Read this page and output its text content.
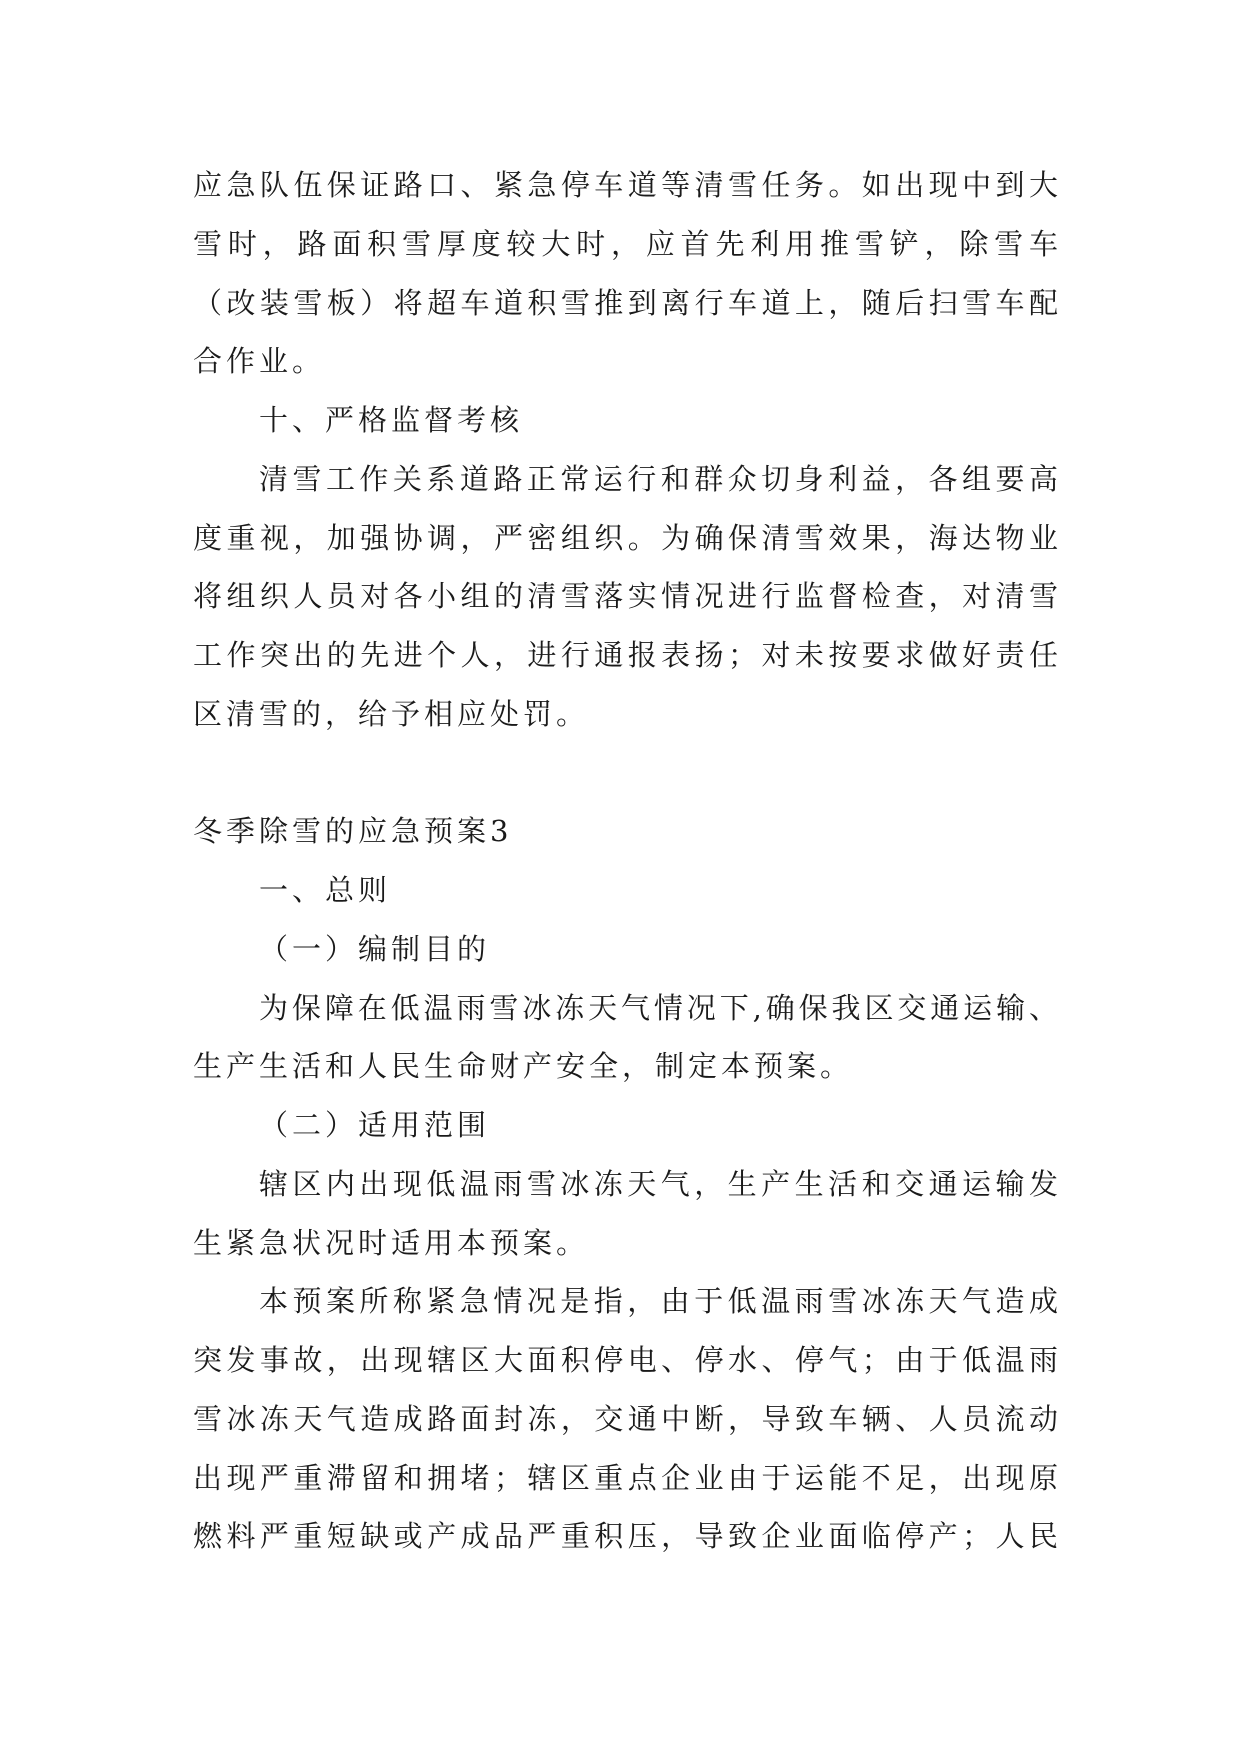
应急队伍保证路口、紧急停车道等清雪任务。如出现中到大
雪时，路面积雪厚度较大时，应首先利用推雪铲，除雪车
（改装雪板）将超车道积雪推到离行车道上，随后扫雪车配
合作业。
十、严格监督考核
清雪工作关系道路正常运行和群众切身利益，各组要高
度重视，加强协调，严密组织。为确保清雪效果，海达物业
将组织人员对各小组的清雪落实情况进行监督检查，对清雪
工作突出的先进个人，进行通报表扬；对未按要求做好责任
区清雪的，给予相应处罚。
冬季除雪的应急预案3
一、总则
（一）编制目的
为保障在低温雨雪冰冻天气情况下,确保我区交通运输、
生产生活和人民生命财产安全，制定本预案。
（二）适用范围
辖区内出现低温雨雪冰冻天气，生产生活和交通运输发
生紧急状况时适用本预案。
本预案所称紧急情况是指，由于低温雨雪冰冻天气造成
突发事故，出现辖区大面积停电、停水、停气；由于低温雨
雪冰冻天气造成路面封冻，交通中断，导致车辆、人员流动
出现严重滞留和拥堵；辖区重点企业由于运能不足，出现原
燃料严重短缺或产成品严重积压，导致企业面临停产；人民
